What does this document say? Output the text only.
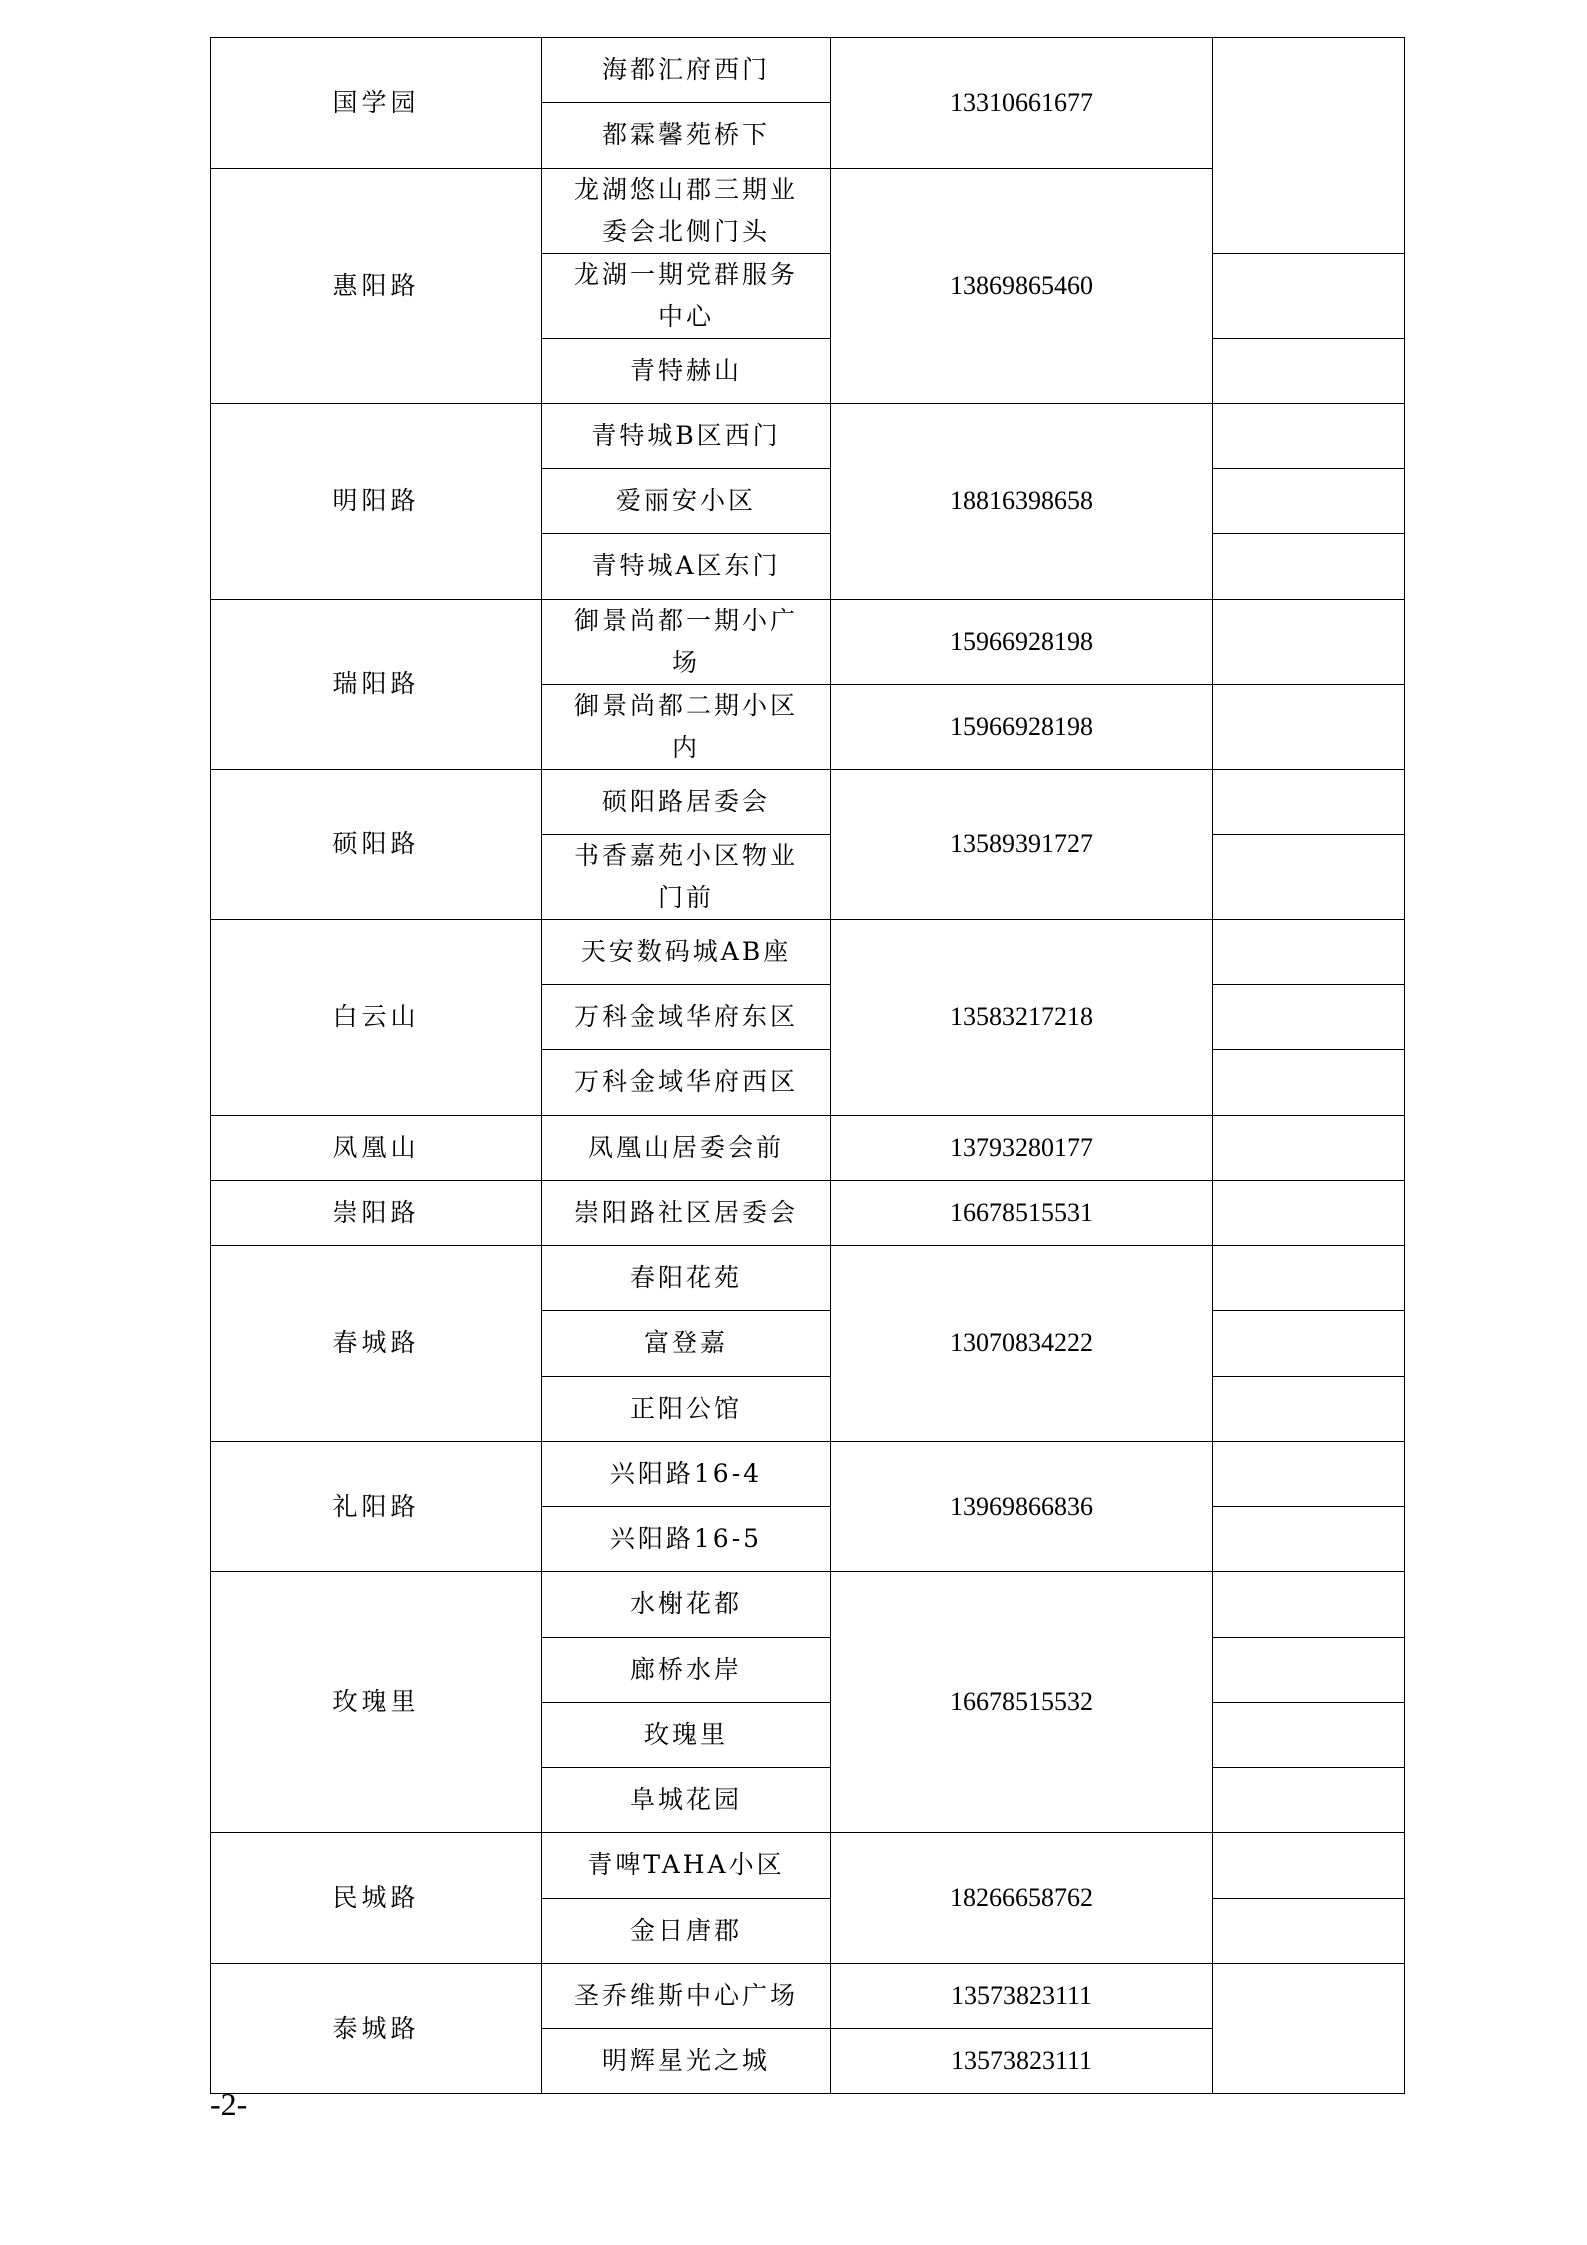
国学园	海都汇府西门	13310661677	
	都霖馨苑桥下		
惠阳路	龙湖悠山郡三期业委会北侧门头	13869865460	
	龙湖一期党群服务中心		
	青特赫山		
明阳路	青特城B区西门	18816398658	
	爱丽安小区		
	青特城A区东门		
瑞阳路	御景尚都一期小广场	15966928198	
	御景尚都二期小区内	15966928198	
硕阳路	硕阳路居委会	13589391727	
	书香嘉苑小区物业门前		
白云山	天安数码城AB座	13583217218	
	万科金域华府东区		
	万科金域华府西区		
凤凰山	凤凰山居委会前	13793280177	
崇阳路	崇阳路社区居委会	16678515531	
春城路	春阳花苑	13070834222	
	富登嘉		
	正阳公馆		
礼阳路	兴阳路16-4	13969866836	
	兴阳路16-5		
玫瑰里	水榭花都	16678515532	
	廊桥水岸		
	玫瑰里		
	阜城花园		
民城路	青啤TAHA小区	18266658762	
	金日唐郡		
泰城路	圣乔维斯中心广场	13573823111	
	明辉星光之城	13573823111	
-2-
